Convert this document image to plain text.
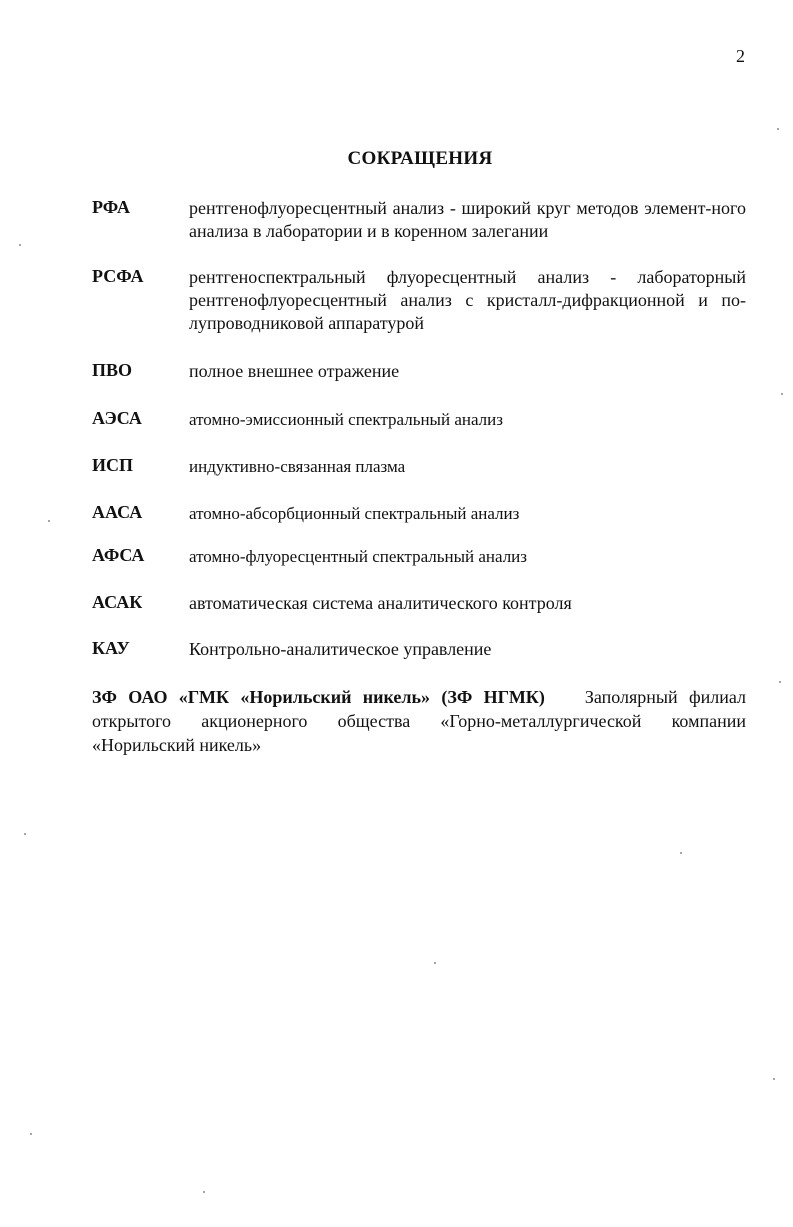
2
СОКРАЩЕНИЯ
РФА	рентгенофлуоресцентный анализ - широкий круг методов элемент-ного анализа в лаборатории и в коренном залегании
РСФА	рентгеноспектральный флуоресцентный анализ - лабораторный рентгенофлуоресцентный анализ с кристалл-дифракционной и по-лупроводниковой аппаратурой
ПВО	полное внешнее отражение
АЭСА	атомно-эмиссионный спектральный анализ
ИСП	индуктивно-связанная плазма
ААСА	атомно-абсорбционный спектральный анализ
АФСА	атомно-флуоресцентный спектральный анализ
АСАК	автоматическая система аналитического контроля
КАУ	Контрольно-аналитическое управление
ЗФ ОАО «ГМК «Норильский никель» (ЗФ НГМК) Заполярный филиал открытого акционерного общества «Горно-металлургической компании «Норильский никель»
